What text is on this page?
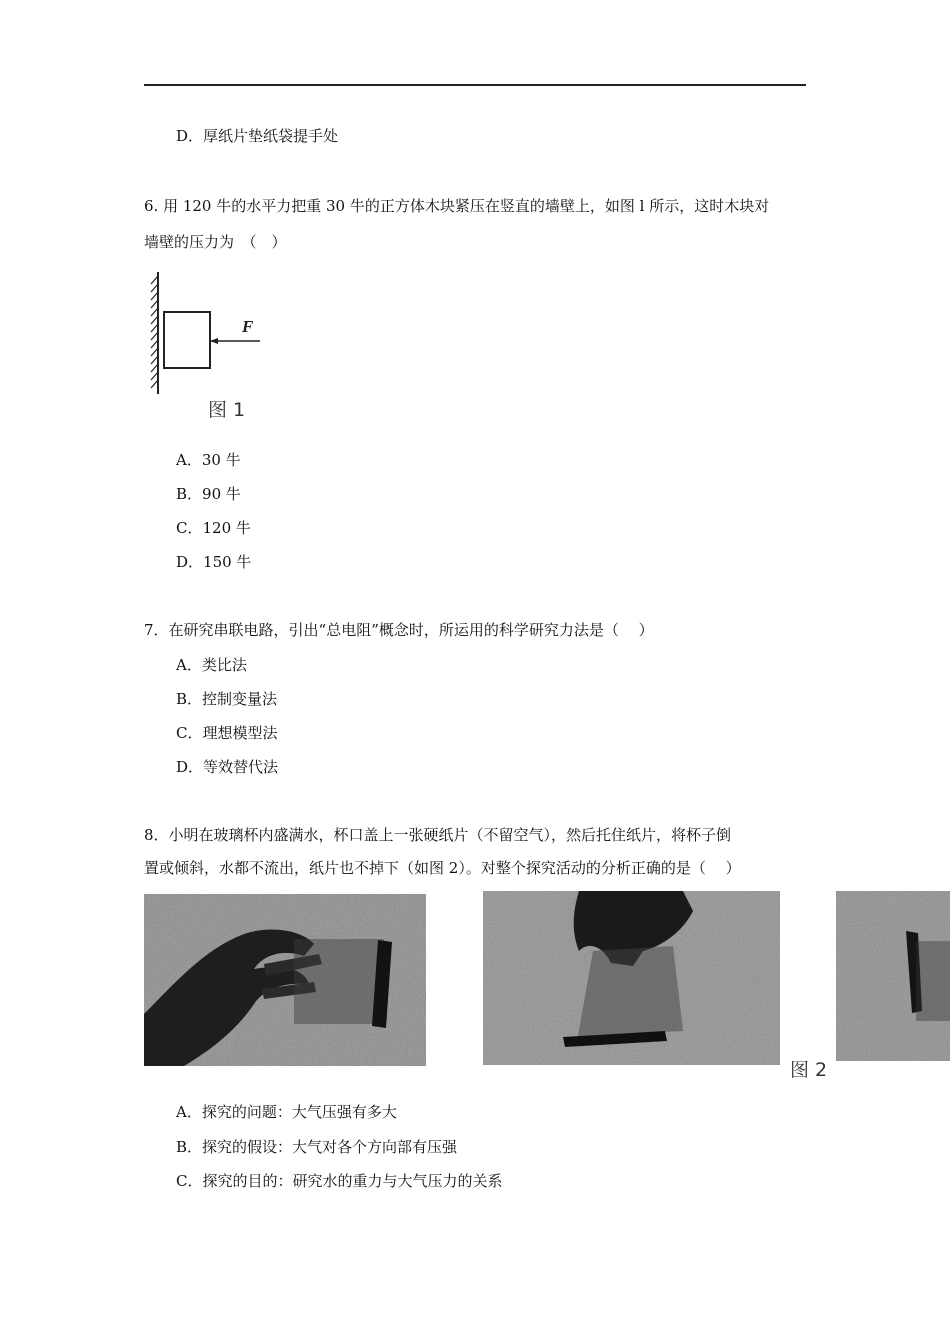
D．厚纸片垫纸袋提手处
6. 用 120 牛的水平力把重 30 牛的正方体木块紧压在竖直的墙壁上，如图 l 所示，这时木块对
墙壁的压力为　（　）
F
图 1
A．30 牛
B．90 牛
C．120 牛
D．150 牛
7．在研究串联电路，引出“总电阻”概念时，所运用的科学研究力法是（　 ）
A．类比法
B．控制变量法
C．理想模型法
D．等效替代法
8．小明在玻璃杯内盛满水，杯口盖上一张硬纸片（不留空气），然后托住纸片，将杯子倒
置或倾斜，水都不流出，纸片也不掉下（如图 2）。对整个探究活动的分析正确的是（　 ）
图 2
A．探究的问题：大气压强有多大
B．探究的假设：大气对各个方向部有压强
C．探究的目的：研究水的重力与大气压力的关系
